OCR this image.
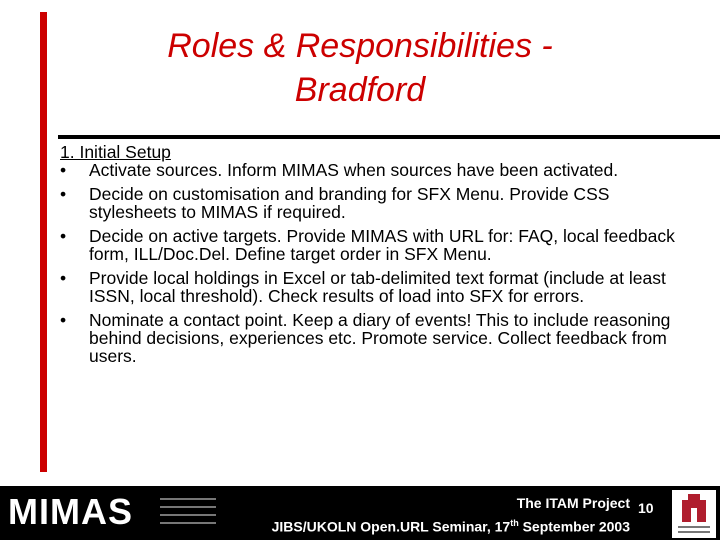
Roles & Responsibilities -
Bradford
1. Initial Setup
•	Activate sources. Inform MIMAS when sources have been activated.
•	Decide on customisation and branding for SFX Menu. Provide CSS stylesheets to MIMAS if required.
•	Decide on active targets. Provide MIMAS with URL for: FAQ, local feedback form, ILL/Doc.Del. Define target order in SFX Menu.
•	Provide local holdings in Excel or tab-delimited text format (include at least ISSN, local threshold). Check results of load into SFX for errors.
•	Nominate a contact point. Keep a diary of events! This to include reasoning behind decisions, experiences etc. Promote service. Collect feedback from users.
MIMAS	The ITAM Project
JIBS/UKOLN Open.URL Seminar, 17th September 2003
10
